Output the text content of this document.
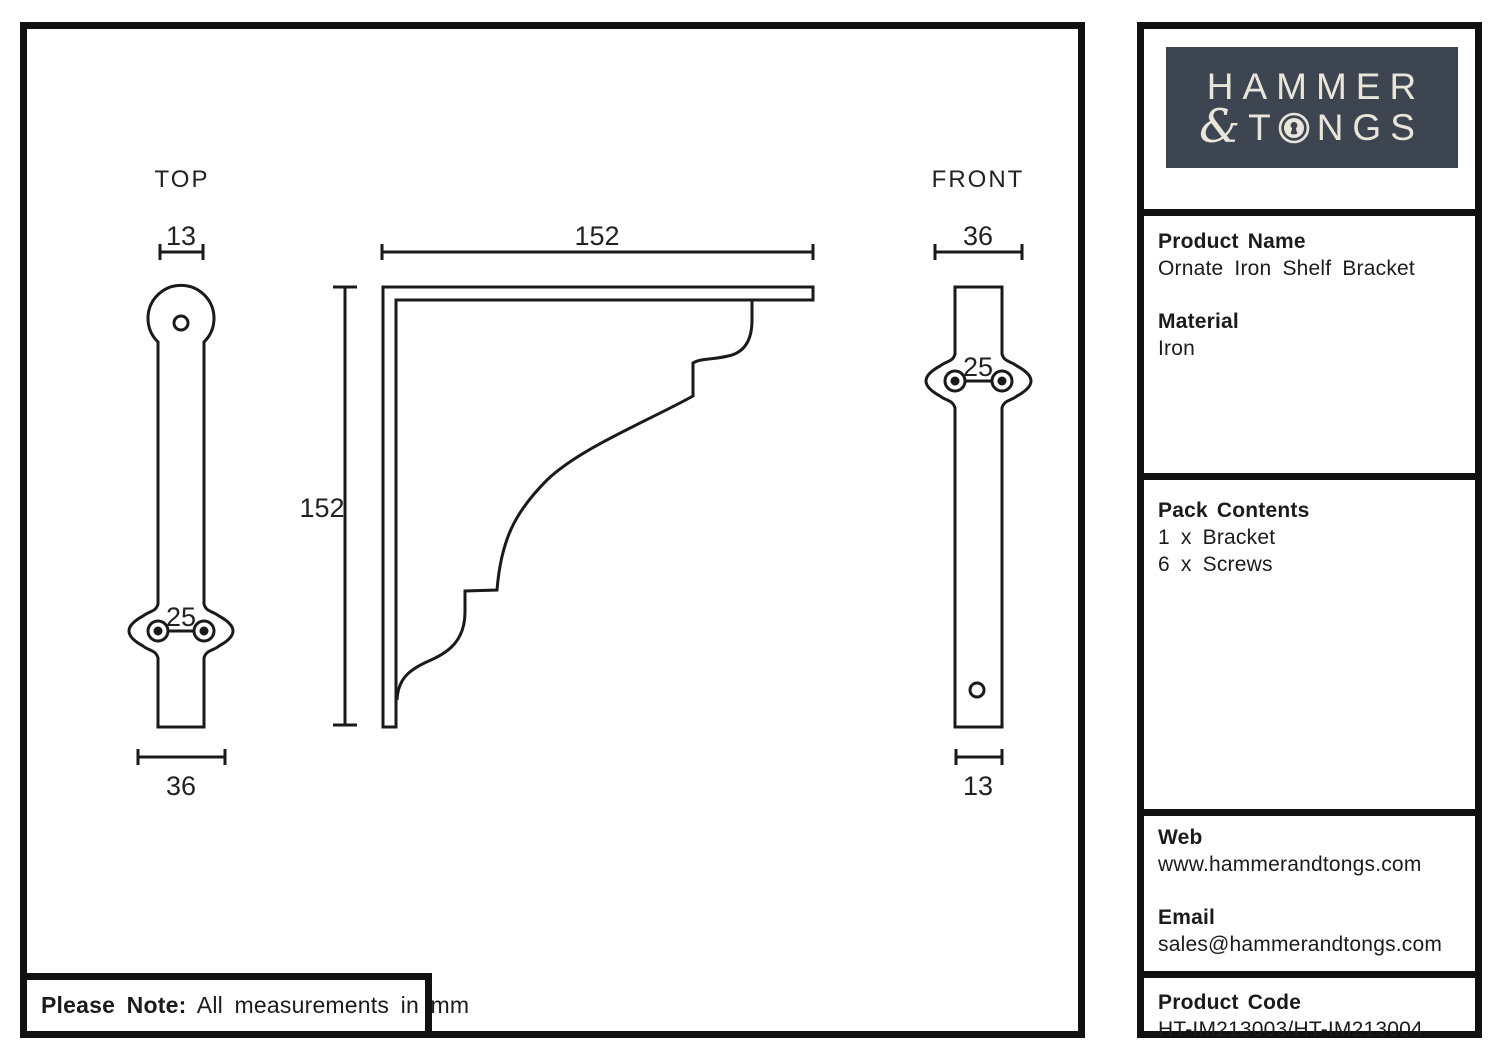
TOP
13
25
36
152
152
FRONT
36
25
13
Please Note: All measurements in mm
HAMMER
& T NGS
Product Name
Ornate Iron Shelf Bracket
Material
Iron
Pack Contents
1 x Bracket
6 x Screws
Web
www.hammerandtongs.com
Email
sales@hammerandtongs.com
Product Code
HT-IM213003/HT-IM213004
